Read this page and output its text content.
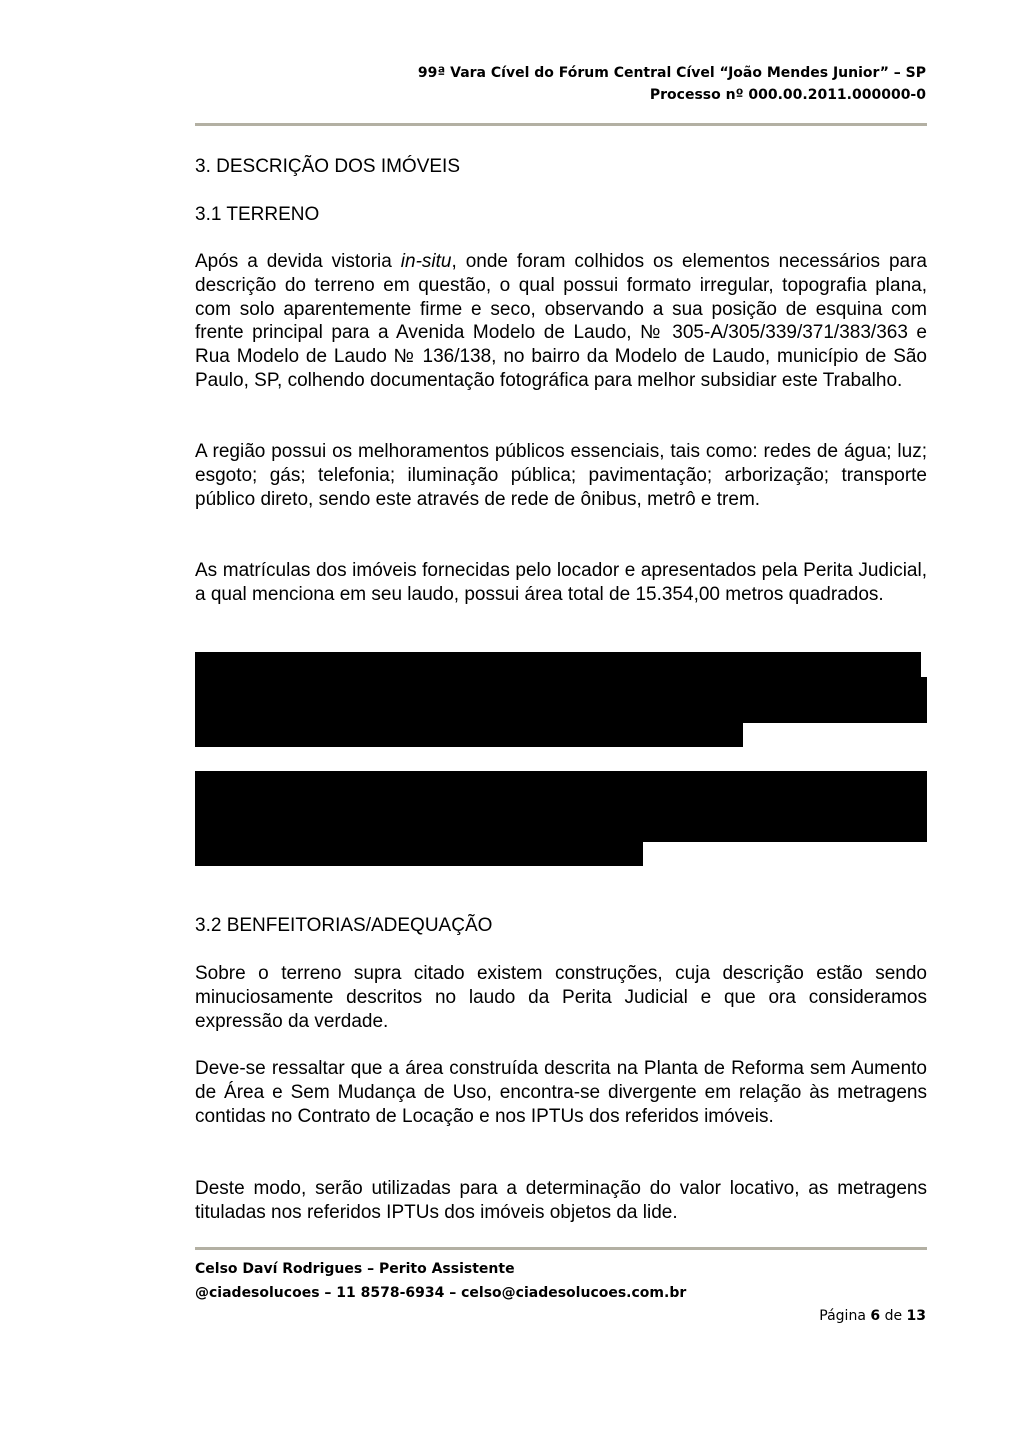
99ª Vara Cível do Fórum Central Cível “João Mendes Junior” – SP
Processo nº 000.00.2011.000000-0
3. DESCRIÇÃO DOS IMÓVEIS
3.1 TERRENO
Após a devida vistoria in-situ, onde foram colhidos os elementos necessários para descrição do terreno em questão, o qual possui formato irregular, topografia plana, com solo aparentemente firme e seco, observando a sua posição de esquina com frente principal para a Avenida Modelo de Laudo, № 305-A/305/339/371/383/363 e Rua Modelo de Laudo № 136/138, no bairro da Modelo de Laudo, município de São Paulo, SP, colhendo documentação fotográfica para melhor subsidiar este Trabalho.
A região possui os melhoramentos públicos essenciais, tais como: redes de água; luz; esgoto; gás; telefonia; iluminação pública; pavimentação; arborização; transporte público direto, sendo este através de rede de ônibus, metrô e trem.
As matrículas dos imóveis fornecidas pelo locador e apresentados pela Perita Judicial, a qual menciona em seu laudo, possui área total de 15.354,00 metros quadrados.
3.2 BENFEITORIAS/ADEQUAÇÃO
Sobre o terreno supra citado existem construções, cuja descrição estão sendo minuciosamente descritos no laudo da Perita Judicial e que ora consideramos expressão da verdade.
Deve-se ressaltar que a área construída descrita na Planta de Reforma sem Aumento de Área e Sem Mudança de Uso, encontra-se divergente em relação às metragens contidas no Contrato de Locação e nos IPTUs dos referidos imóveis.
Deste modo, serão utilizadas para a determinação do valor locativo, as metragens tituladas nos referidos IPTUs dos imóveis objetos da lide.
Celso Daví Rodrigues – Perito Assistente
@ciadesolucoes – 11 8578-6934 – celso@ciadesolucoes.com.br
Página 6 de 13
